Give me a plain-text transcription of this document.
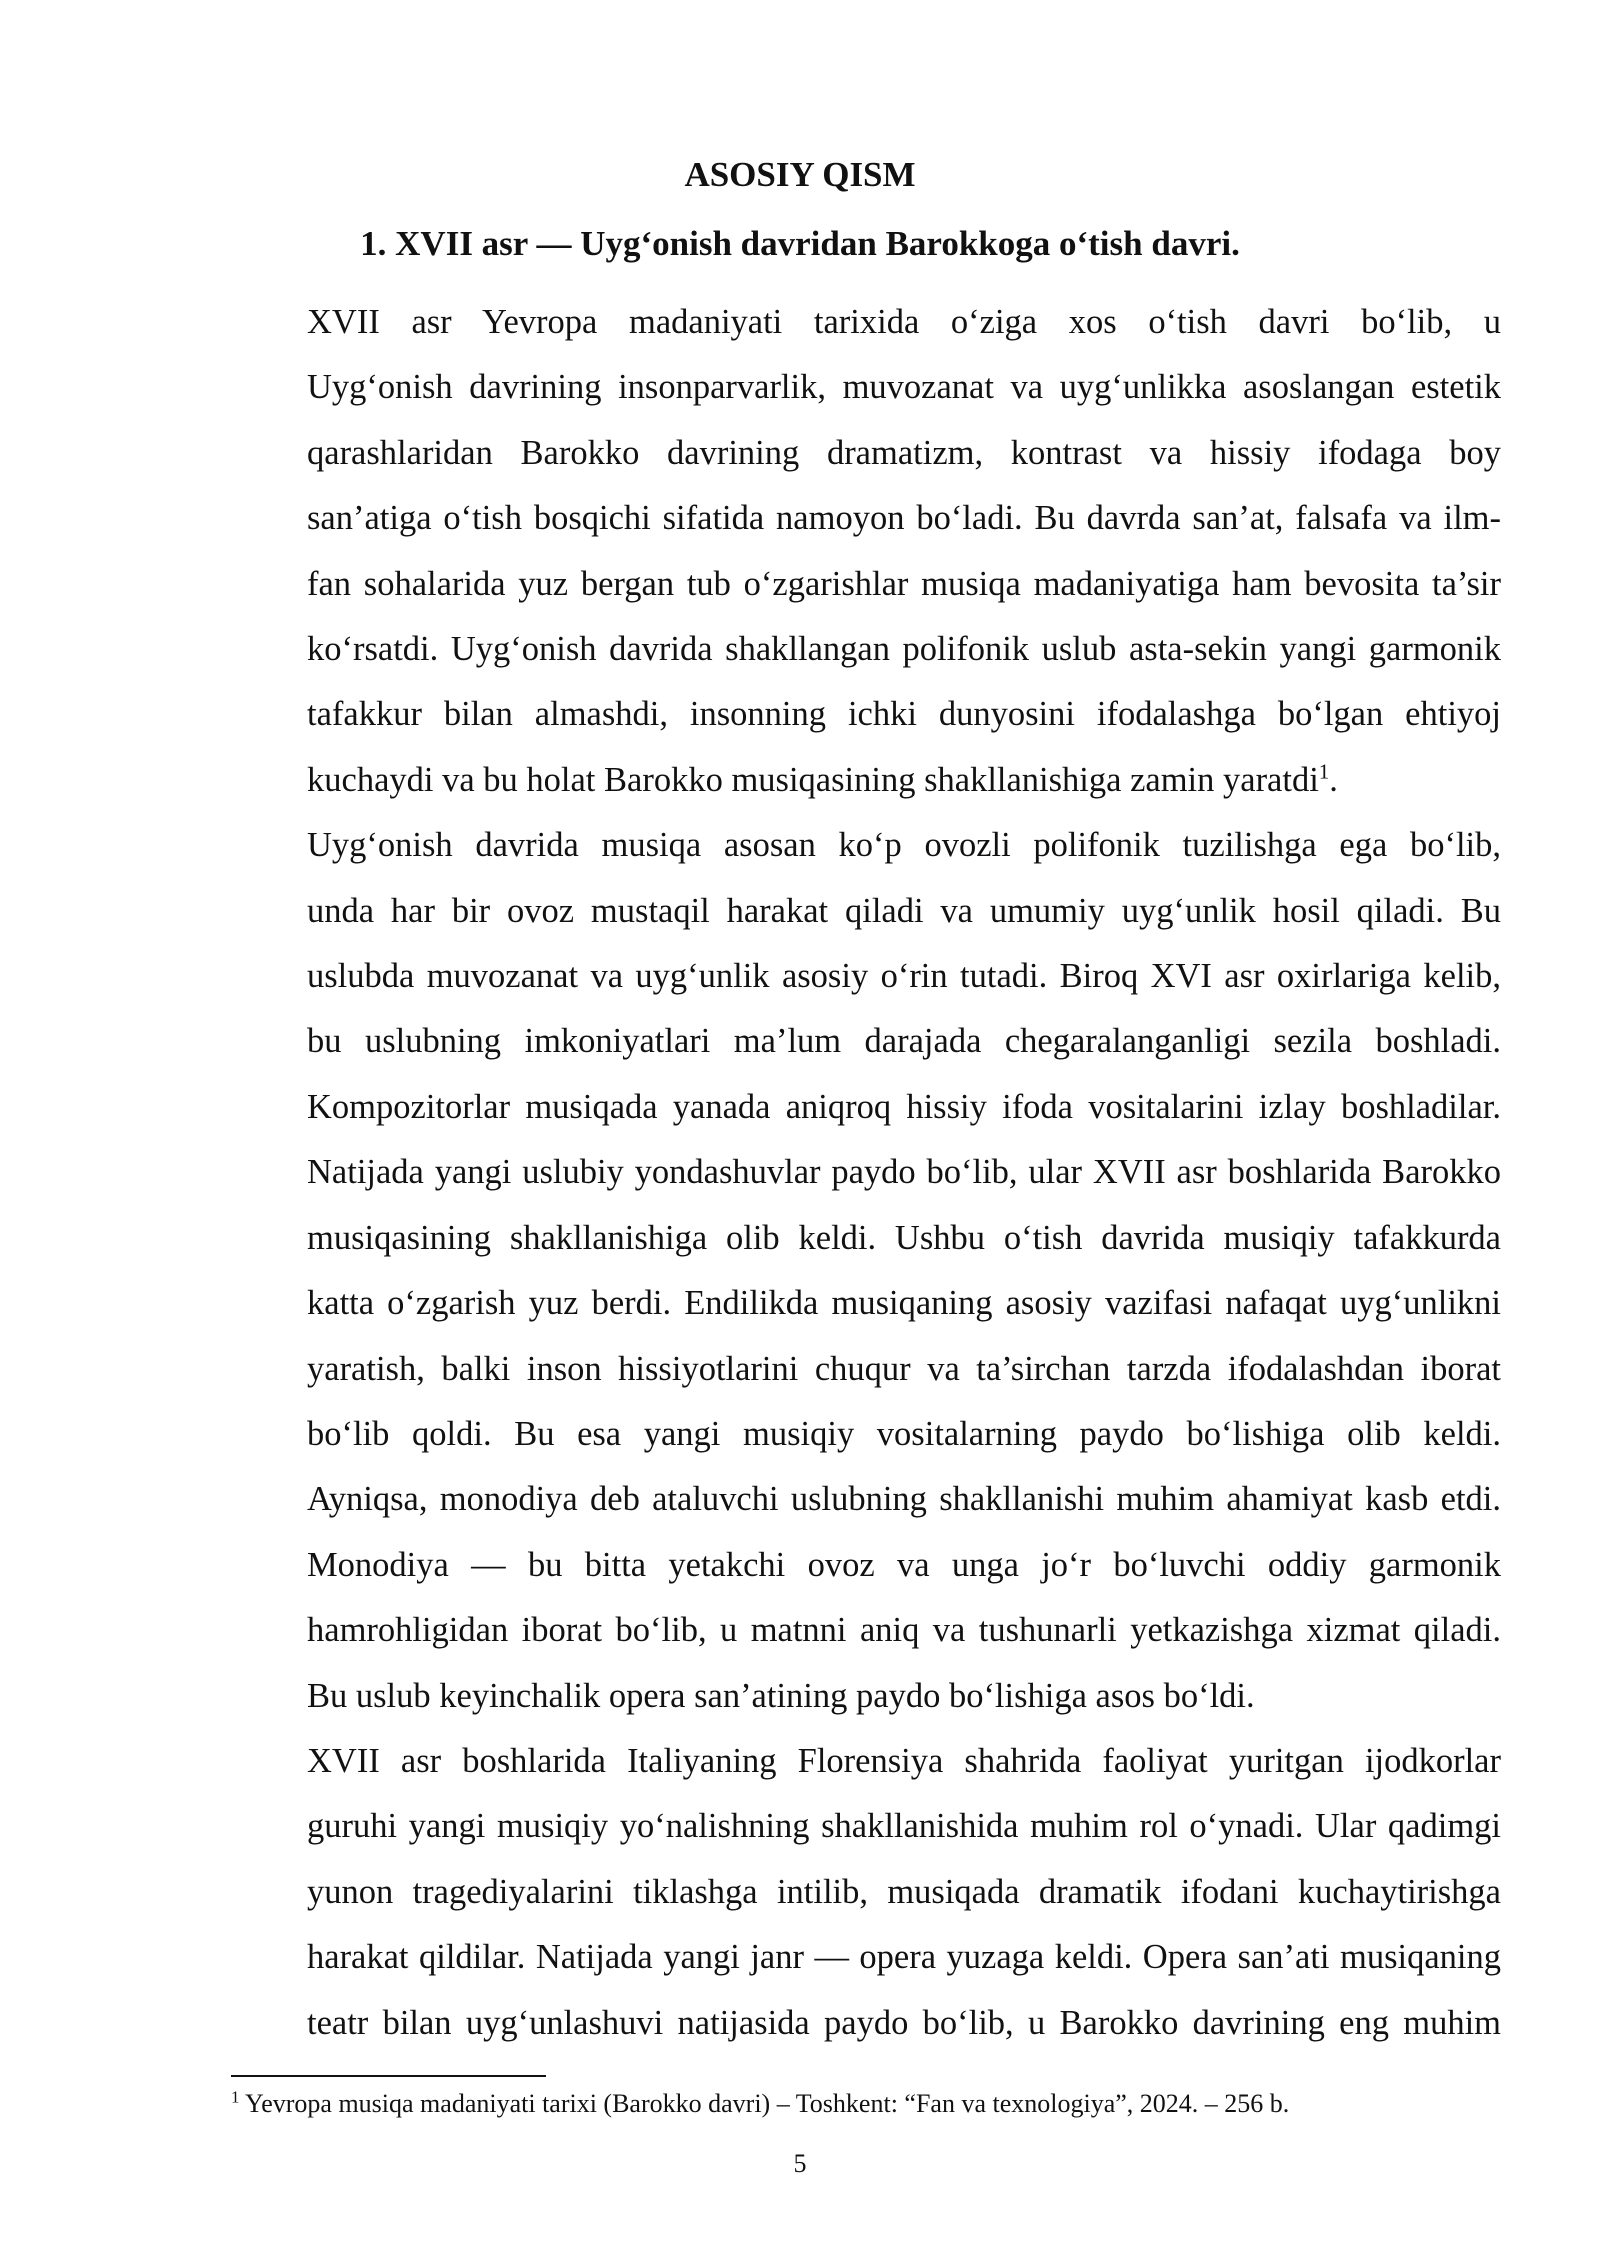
ASOSIY QISM
1. XVII asr — Uyg‘onish davridan Barokkoga o‘tish davri.

XVII asr Yevropa madaniyati tarixida o‘ziga xos o‘tish davri bo‘lib, u
Uyg‘onish davrining insonparvarlik, muvozanat va uyg‘unlikka asoslangan estetik
qarashlaridan Barokko davrining dramatizm, kontrast va hissiy ifodaga boy
san’atiga o‘tish bosqichi sifatida namoyon bo‘ladi. Bu davrda san’at, falsafa va ilm-
fan sohalarida yuz bergan tub o‘zgarishlar musiqa madaniyatiga ham bevosita ta’sir
ko‘rsatdi. Uyg‘onish davrida shakllangan polifonik uslub asta-sekin yangi garmonik
tafakkur bilan almashdi, insonning ichki dunyosini ifodalashga bo‘lgan ehtiyoj
kuchaydi va bu holat Barokko musiqasining shakllanishiga zamin yaratdi$^1$.

Uyg‘onish davrida musiqa asosan ko‘p ovozli polifonik tuzilishga ega bo‘lib,
unda har bir ovoz mustaqil harakat qiladi va umumiy uyg‘unlik hosil qiladi. Bu
uslubda muvozanat va uyg‘unlik asosiy o‘rin tutadi. Biroq XVI asr oxirlariga kelib,
bu uslubning imkoniyatlari ma’lum darajada chegaralanganligi sezila boshladi.
Kompozitorlar musiqada yanada aniqroq hissiy ifoda vositalarini izlay boshladilar.
Natijada yangi uslubiy yondashuvlar paydo bo‘lib, ular XVII asr boshlarida Barokko
musiqasining shakllanishiga olib keldi. Ushbu o‘tish davrida musiqiy tafakkurda
katta o‘zgarish yuz berdi. Endilikda musiqaning asosiy vazifasi nafaqat uyg‘unlikni
yaratish, balki inson hissiyotlarini chuqur va ta’sirchan tarzda ifodalashdan iborat
bo‘lib qoldi. Bu esa yangi musiqiy vositalarning paydo bo‘lishiga olib keldi.
Ayniqsa, monodiya deb ataluvchi uslubning shakllanishi muhim ahamiyat kasb etdi.
Monodiya — bu bitta yetakchi ovoz va unga jo‘r bo‘luvchi oddiy garmonik
hamrohligidan iborat bo‘lib, u matnni aniq va tushunarli yetkazishga xizmat qiladi.
Bu uslub keyinchalik opera san’atining paydo bo‘lishiga asos bo‘ldi.

XVII asr boshlarida Italiyaning Florensiya shahrida faoliyat yuritgan ijodkorlar
guruhi yangi musiqiy yo‘nalishning shakllanishida muhim rol o‘ynadi. Ular qadimgi
yunon tragediyalarini tiklashga intilib, musiqada dramatik ifodani kuchaytirishga
harakat qildilar. Natijada yangi janr — opera yuzaga keldi. Opera san’ati musiqaning
teatr bilan uyg‘unlashuvi natijasida paydo bo‘lib, u Barokko davrining eng muhim

$^1$ Yevropa musiqa madaniyati tarixi (Barokko davri) – Toshkent: “Fan va texnologiya”, 2024. – 256 b.
5
